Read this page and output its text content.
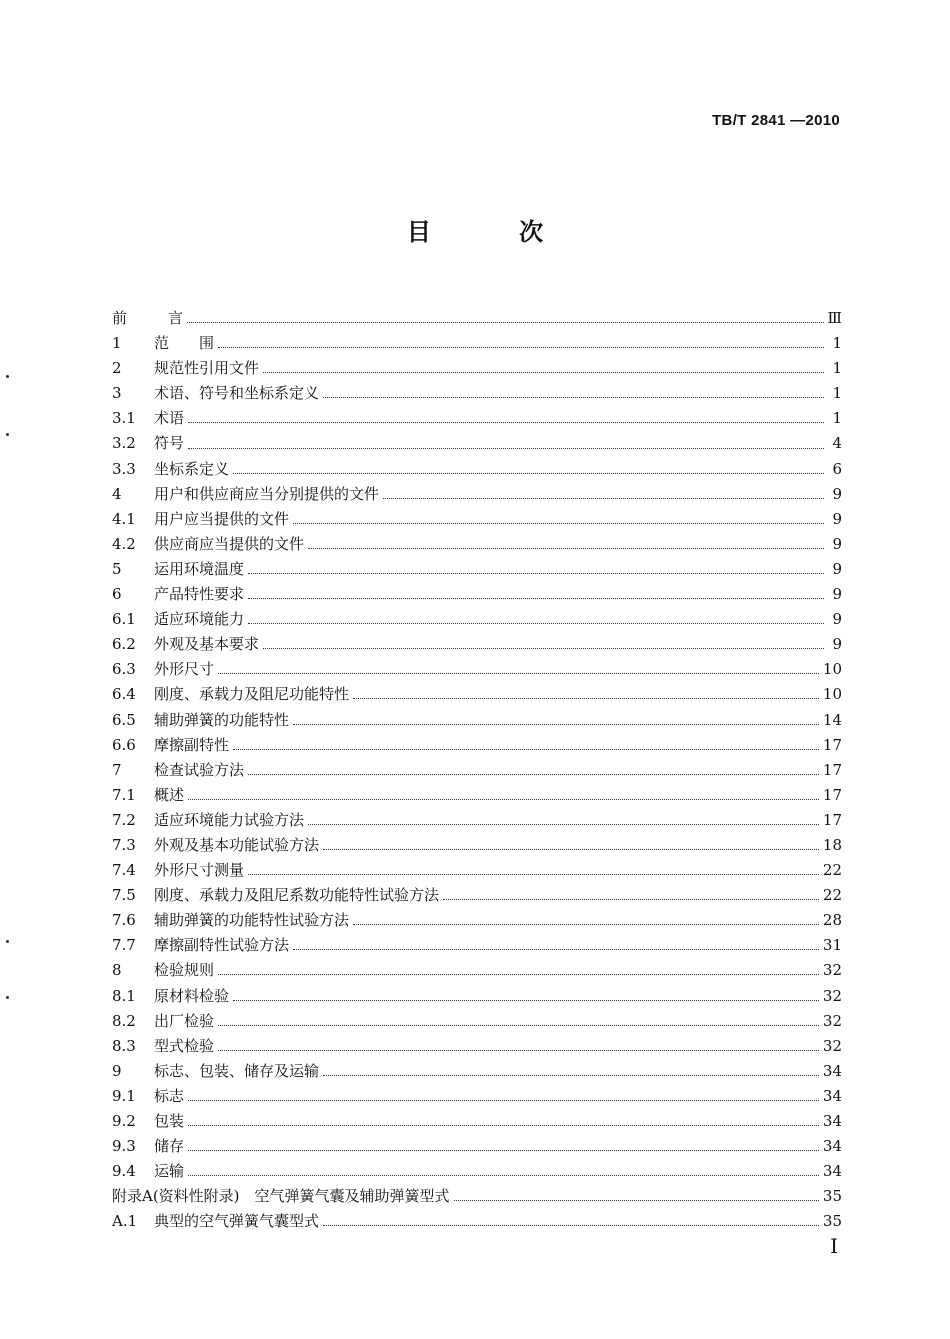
TB/T 2841 —2010
目 次
前	言	Ⅲ
1	范　　围	1
2	规范性引用文件	1
3	术语、符号和坐标系定义	1
3.1	术语	1
3.2	符号	4
3.3	坐标系定义	6
4	用户和供应商应当分别提供的文件	9
4.1	用户应当提供的文件	9
4.2	供应商应当提供的文件	9
5	运用环境温度	9
6	产品特性要求	9
6.1	适应环境能力	9
6.2	外观及基本要求	9
6.3	外形尺寸	10
6.4	刚度、承载力及阻尼功能特性	10
6.5	辅助弹簧的功能特性	14
6.6	摩擦副特性	17
7	检查试验方法	17
7.1	概述	17
7.2	适应环境能力试验方法	17
7.3	外观及基本功能试验方法	18
7.4	外形尺寸测量	22
7.5	刚度、承载力及阻尼系数功能特性试验方法	22
7.6	辅助弹簧的功能特性试验方法	28
7.7	摩擦副特性试验方法	31
8	检验规则	32
8.1	原材料检验	32
8.2	出厂检验	32
8.3	型式检验	32
9	标志、包装、储存及运输	34
9.1	标志	34
9.2	包装	34
9.3	储存	34
9.4	运输	34
附录A(资料性附录)　空气弹簧气囊及辅助弹簧型式	35
A.1	典型的空气弹簧气囊型式	35
I
